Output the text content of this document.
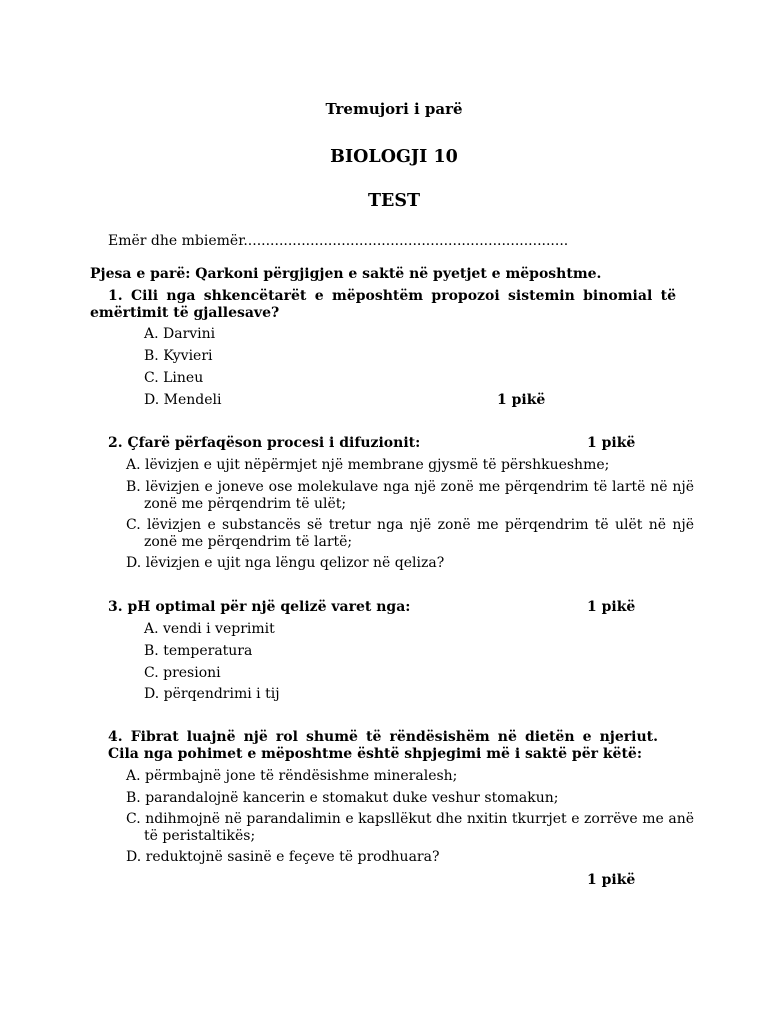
Tremujori i parë
BIOLOGJI 10
TEST
Emër dhe mbiemër.........................................................................
Pjesa e parë: Qarkoni përgjigjen e saktë në pyetjet e mëposhtme.
1. Cili nga shkencëtarët e mëposhtëm propozoi sistemin binomial të emërtimit të gjallesave?
A. Darvini
B. Kyvieri
C. Lineu
D. Mendeli	1 pikë
2. Çfarë përfaqëson procesi i difuzionit:	1 pikë
A. lëvizjen e ujit nëpërmjet një membrane gjysmë të përshkueshme;
B. lëvizjen e joneve ose molekulave nga një zonë me përqendrim të lartë në një zonë me përqendrim të ulët;
C. lëvizjen e substancës së tretur nga një zonë me përqendrim të ulët në një zonë me përqendrim të lartë;
D. lëvizjen e ujit nga lëngu qelizor në qeliza?
3. pH optimal për një qelizë varet nga:	1 pikë
A. vendi i veprimit
B. temperatura
C. presioni
D. përqendrimi i tij
4. Fibrat luajnë një rol shumë të rëndësishëm në dietën e njeriut. Cila nga pohimet e mëposhtme është shpjegimi më i saktë për këtë:
A. përmbajnë jone të rëndësishme mineralesh;
B. parandalojnë kancerin e stomakut duke veshur stomakun;
C. ndihmojnë në parandalimin e kapsllëkut dhe nxitin tkurrjet e zorrëve me anë të peristaltikës;
D. reduktojnë sasinë e feçeve të prodhuara?
1 pikë
